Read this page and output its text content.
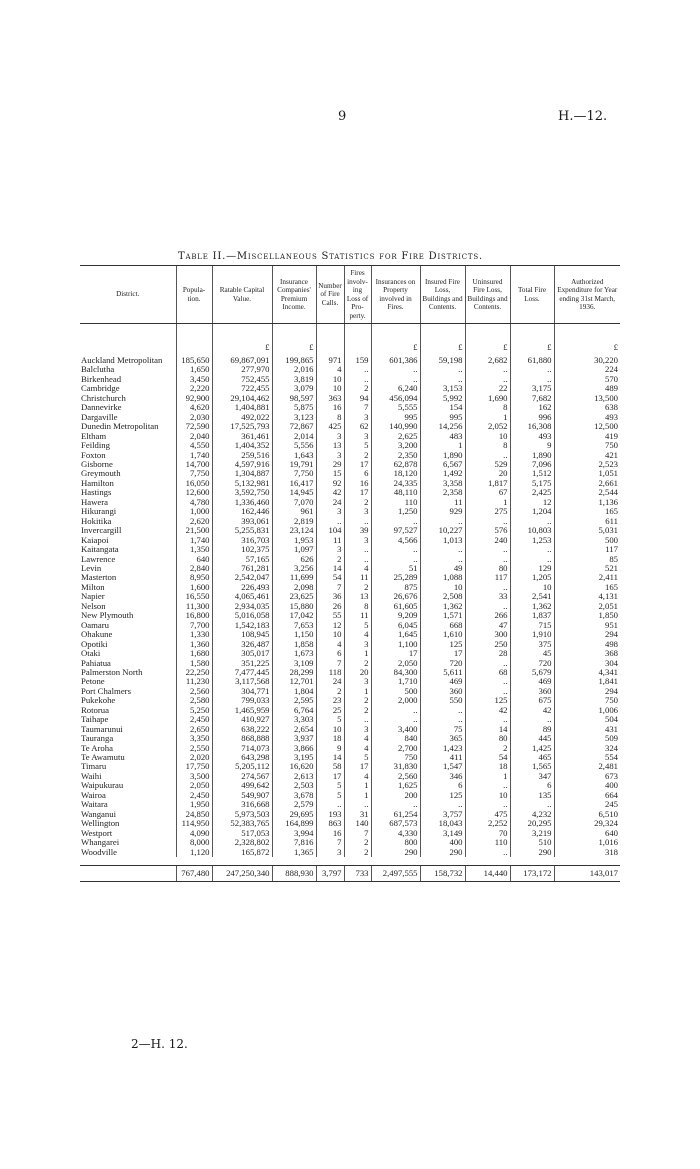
9	H.—12.
Table II.—Miscellaneous Statistics for Fire Districts.
District.	Popula-tion.	Ratable Capital Value.	Insurance Companies' Premium Income.	Number of Fire Calls.	Fires involv-ing Loss of Pro-perty.	Insurances on Property involved in Fires.	Insured Fire Loss, Buildings and Contents.	Uninsured Fire Loss, Buildings and Contents.	Total Fire Loss.	Authorized Expenditure for Year ending 31st March, 1936.
		£	£			£	£	£	£	£
Auckland Metropolitan	185,650	69,867,091	199,865	971	159	601,386	59,198	2,682	61,880	30,220
Balclutha	1,650	277,970	2,016	4	..	..	..	..	..	224
Birkenhead	3,450	752,455	3,819	10	..	..	..	..	..	570
Cambridge	2,220	722,455	3,079	10	2	6,240	3,153	22	3,175	489
Christchurch	92,900	29,104,462	98,597	363	94	456,094	5,992	1,690	7,682	13,500
Dannevirke	4,620	1,404,881	5,875	16	7	5,555	154	8	162	638
Dargaville	2,030	492,022	3,123	8	3	995	995	1	996	493
Dunedin Metropolitan	72,590	17,525,793	72,867	425	62	140,990	14,256	2,052	16,308	12,500
Eltham	2,040	361,461	2,014	3	3	2,625	483	10	493	419
Feilding	4,550	1,404,352	5,556	13	5	3,200	1	8	9	750
Foxton	1,740	259,516	1,643	3	2	2,350	1,890	..	1,890	421
Gisborne	14,700	4,597,916	19,791	29	17	62,878	6,567	529	7,096	2,523
Greymouth	7,750	1,304,887	7,750	15	6	18,120	1,492	20	1,512	1,051
Hamilton	16,050	5,132,981	16,417	92	16	24,335	3,358	1,817	5,175	2,661
Hastings	12,600	3,592,750	14,945	42	17	48,110	2,358	67	2,425	2,544
Hawera	4,780	1,336,460	7,070	24	2	110	11	1	12	1,136
Hikurangi	1,000	162,446	961	3	3	1,250	929	275	1,204	165
Hokitika	2,620	393,061	2,819	..	..	..	..	..	..	611
Invercargill	21,500	5,255,831	23,124	104	39	97,527	10,227	576	10,803	5,031
Kaiapoi	1,740	316,703	1,953	11	3	4,566	1,013	240	1,253	500
Kaitangata	1,350	102,375	1,097	3	..	..	..	..	..	117
Lawrence	640	57,165	626	2	..	..	..	..	..	85
Levin	2,840	761,281	3,256	14	4	51	49	80	129	521
Masterton	8,950	2,542,047	11,699	54	11	25,289	1,088	117	1,205	2,411
Milton	1,600	226,493	2,098	7	2	875	10	..	10	165
Napier	16,550	4,065,461	23,625	36	13	26,676	2,508	33	2,541	4,131
Nelson	11,300	2,934,035	15,880	26	8	61,605	1,362	..	1,362	2,051
New Plymouth	16,800	5,016,058	17,042	55	11	9,209	1,571	266	1,837	1,850
Oamaru	7,700	1,542,183	7,653	12	5	6,045	668	47	715	951
Ohakune	1,330	108,945	1,150	10	4	1,645	1,610	300	1,910	294
Opotiki	1,360	326,487	1,858	4	3	1,100	125	250	375	498
Otaki	1,680	305,017	1,673	6	1	17	17	28	45	368
Pahiatua	1,580	351,225	3,109	7	2	2,050	720	..	720	304
Palmerston North	22,250	7,477,445	28,299	118	20	84,300	5,611	68	5,679	4,341
Petone	11,230	3,117,568	12,701	24	3	1,710	469	..	469	1,841
Port Chalmers	2,560	304,771	1,804	2	1	500	360	..	360	294
Pukekohe	2,580	799,033	2,595	23	2	2,000	550	125	675	750
Rotorua	5,250	1,465,959	6,764	25	2	..	..	42	42	1,006
Taihape	2,450	410,927	3,303	5	..	..	..	..	..	504
Taumarunui	2,650	638,222	2,654	10	3	3,400	75	14	89	431
Tauranga	3,350	868,888	3,937	18	4	840	365	80	445	509
Te Aroha	2,550	714,073	3,866	9	4	2,700	1,423	2	1,425	324
Te Awamutu	2,020	643,298	3,195	14	5	750	411	54	465	554
Timaru	17,750	5,205,112	16,620	58	17	31,830	1,547	18	1,565	2,481
Waihi	3,500	274,567	2,613	17	4	2,560	346	1	347	673
Waipukurau	2,050	499,642	2,503	5	1	1,625	6	..	6	400
Wairoa	2,450	549,907	3,678	5	1	200	125	10	135	664
Waitara	1,950	316,668	2,579	..	..	..	..	..	..	245
Wanganui	24,850	5,973,503	29,695	193	31	61,254	3,757	475	4,232	6,510
Wellington	114,950	52,383,765	164,899	863	140	687,573	18,043	2,252	20,295	29,324
Westport	4,090	517,053	3,994	16	7	4,330	3,149	70	3,219	640
Whangarei	8,000	2,328,802	7,816	7	2	800	400	110	510	1,016
Woodville	1,120	165,872	1,365	3	2	290	290	..	290	318

	767,480	247,250,340	888,930	3,797	733	2,497,555	158,732	14,440	173,172	143,017
2—H. 12.
